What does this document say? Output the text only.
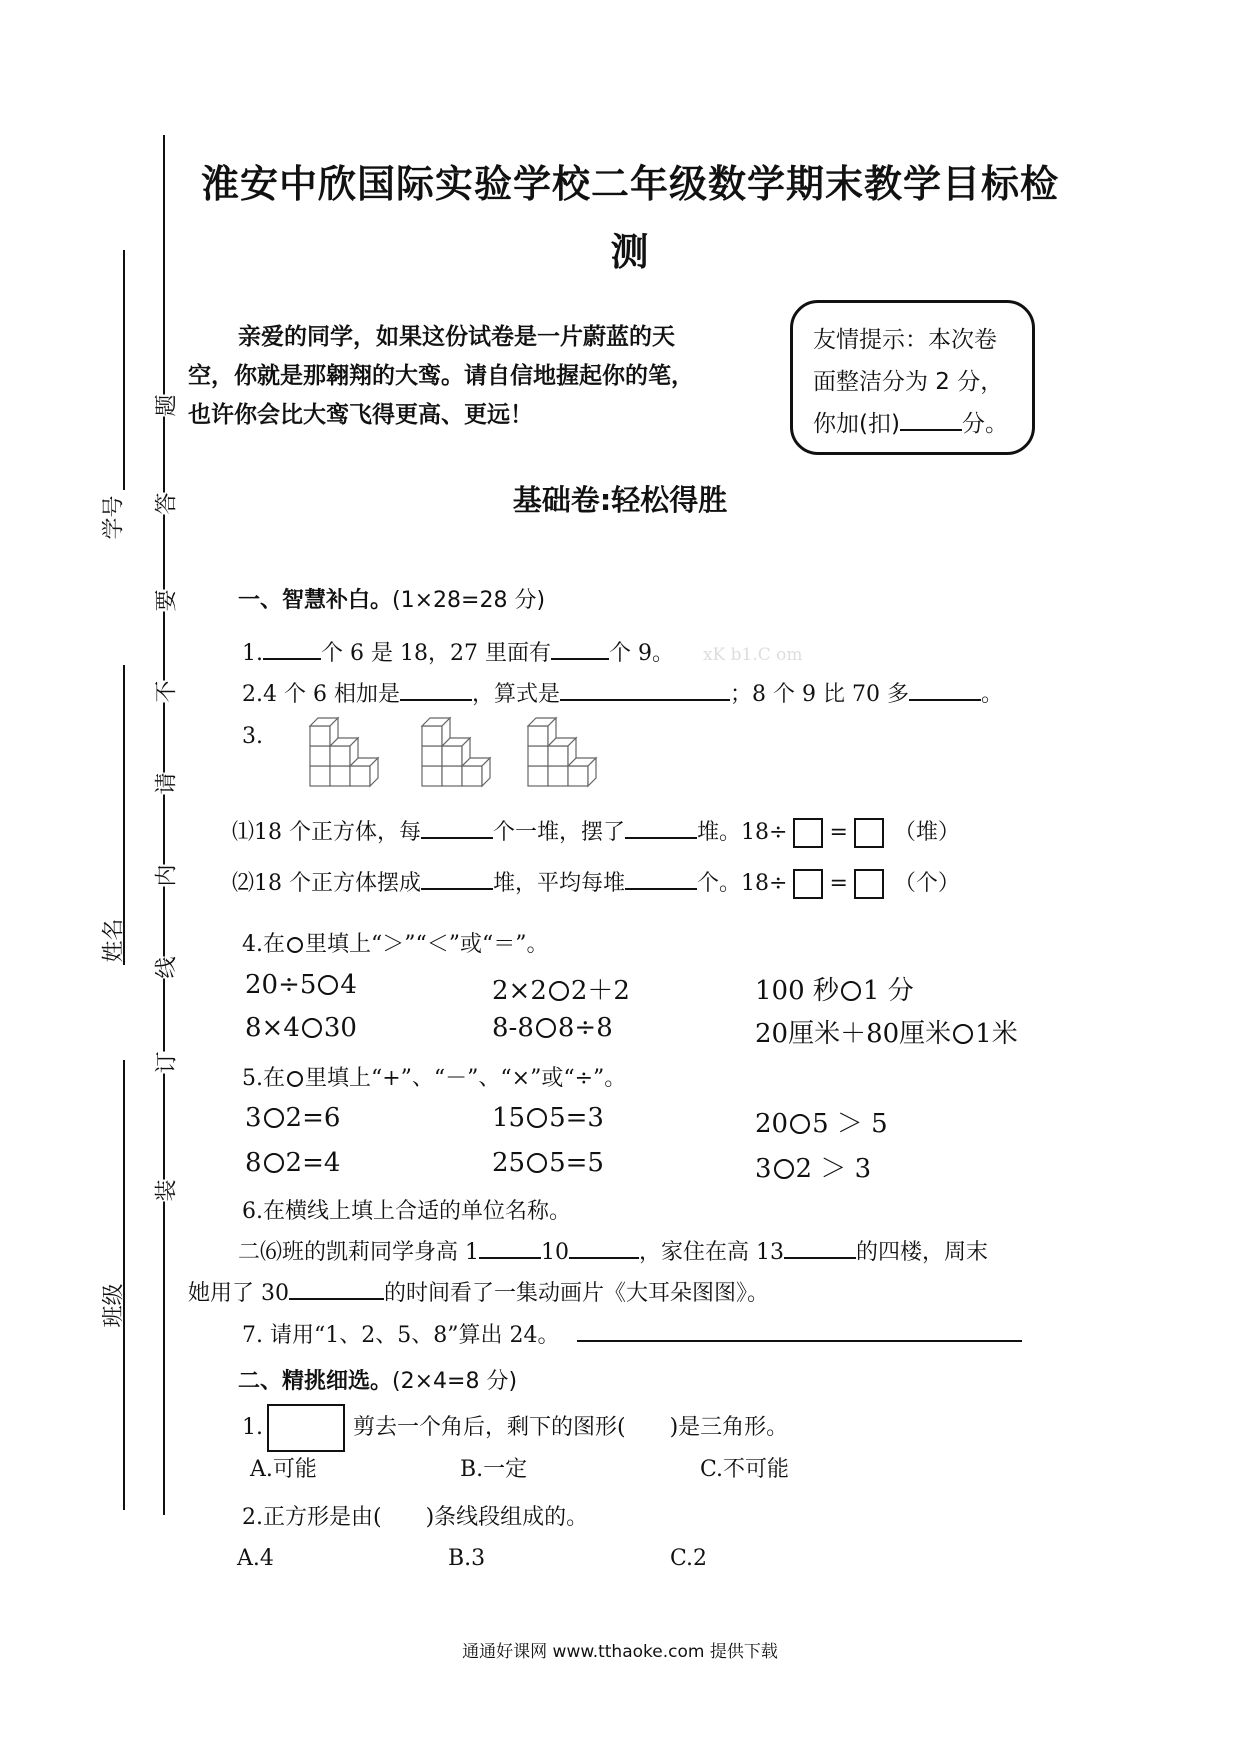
学号
姓名
班级
题
答
要
不
请
内
线
订
装
淮安中欣国际实验学校二年级数学期末教学目标检
测
亲爱的同学，如果这份试卷是一片蔚蓝的天空，你就是那翱翔的大鸾。请自信地握起你的笔，也许你会比大鸾飞得更高、更远！
友情提示：本次卷
面整洁分为 2 分，
你加(扣)	分。
基础卷:轻松得胜
一、智慧补白。(1×28=28 分)
1.	个 6 是 18，27 里面有	个 9。 xK b1.C om
2.4 个 6 相加是	，算式是	；8 个 9 比 70 多	。
3.
⑴18 个正方体，每	个一堆，摆了	堆。18÷ = （堆）
⑵18 个正方体摆成	堆，平均每堆	个。18÷ = （个）
4.在 里填上“＞”“＜”或“＝”。
20÷5 4	2×2 2＋2	100 秒 1 分
8×4 30	8-8 8÷8	20厘米＋80厘米 1米
5.在 里填上“+”、“－”、“×”或“÷”。
3 2=6	15 5=3	20 5 ＞ 5
8 2=4	25 5=5	3 2 ＞ 3
6.在横线上填上合适的单位名称。
二⑹班的凯莉同学身高 1	10	，家住在高 13	的四楼，周末
她用了 30	的时间看了一集动画片《大耳朵图图》。
7. 请用“1、2、5、8”算出 24。
二、精挑细选。(2×4=8 分)
1.	剪去一个角后，剩下的图形(　　)是三角形。
A.可能	B.一定	C.不可能
2.正方形是由(　　)条线段组成的。
A.4	B.3	C.2
通通好课网 www.tthaoke.com 提供下载
